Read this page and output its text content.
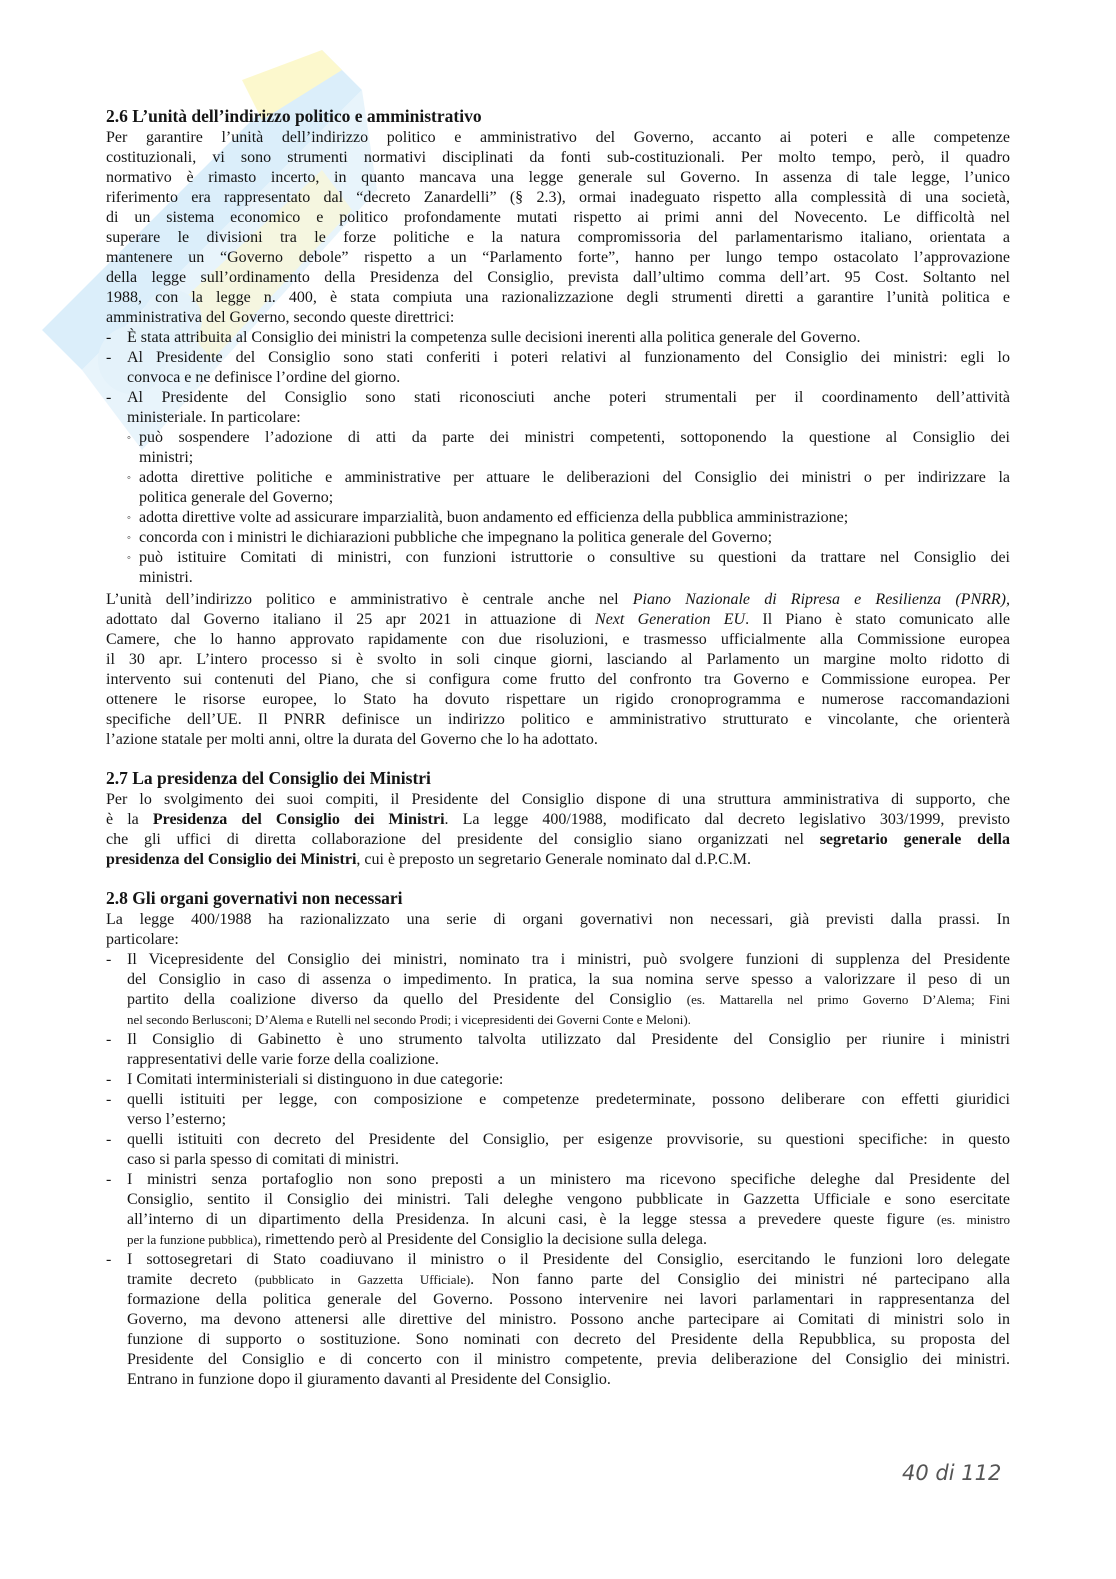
2.6 L’unità dell’indirizzo politico e amministrativo
Per garantire l’unità dell’indirizzo politico e amministrativo del Governo, accanto ai poteri e alle competenze
costituzionali, vi sono strumenti normativi disciplinati da fonti sub-costituzionali. Per molto tempo, però, il quadro
normativo è rimasto incerto, in quanto mancava una legge generale sul Governo. In assenza di tale legge, l’unico
riferimento era rappresentato dal “decreto Zanardelli” (§ 2.3), ormai inadeguato rispetto alla complessità di una società,
di un sistema economico e politico profondamente mutati rispetto ai primi anni del Novecento. Le difficoltà nel
superare le divisioni tra le forze politiche e la natura compromissoria del parlamentarismo italiano, orientata a
mantenere un “Governo debole” rispetto a un “Parlamento forte”, hanno per lungo tempo ostacolato l’approvazione
della legge sull’ordinamento della Presidenza del Consiglio, prevista dall’ultimo comma dell’art. 95 Cost. Soltanto nel
1988, con la legge n. 400, è stata compiuta una razionalizzazione degli strumenti diretti a garantire l’unità politica e
amministrativa del Governo, secondo queste direttrici:
- È stata attribuita al Consiglio dei ministri la competenza sulle decisioni inerenti alla politica generale del Governo.
- Al Presidente del Consiglio sono stati conferiti i poteri relativi al funzionamento del Consiglio dei ministri: egli lo
convoca e ne definisce l’ordine del giorno.
- Al Presidente del Consiglio sono stati riconosciuti anche poteri strumentali per il coordinamento dell’attività
ministeriale. In particolare:
◦ può sospendere l’adozione di atti da parte dei ministri competenti, sottoponendo la questione al Consiglio dei
ministri;
◦ adotta direttive politiche e amministrative per attuare le deliberazioni del Consiglio dei ministri o per indirizzare la
politica generale del Governo;
◦ adotta direttive volte ad assicurare imparzialità, buon andamento ed efficienza della pubblica amministrazione;
◦ concorda con i ministri le dichiarazioni pubbliche che impegnano la politica generale del Governo;
◦ può istituire Comitati di ministri, con funzioni istruttorie o consultive su questioni da trattare nel Consiglio dei
ministri.
L’unità dell’indirizzo politico e amministrativo è centrale anche nel Piano Nazionale di Ripresa e Resilienza (PNRR),
adottato dal Governo italiano il 25 apr 2021 in attuazione di Next Generation EU. Il Piano è stato comunicato alle
Camere, che lo hanno approvato rapidamente con due risoluzioni, e trasmesso ufficialmente alla Commissione europea
il 30 apr. L’intero processo si è svolto in soli cinque giorni, lasciando al Parlamento un margine molto ridotto di
intervento sui contenuti del Piano, che si configura come frutto del confronto tra Governo e Commissione europea. Per
ottenere le risorse europee, lo Stato ha dovuto rispettare un rigido cronoprogramma e numerose raccomandazioni
specifiche dell’UE. Il PNRR definisce un indirizzo politico e amministrativo strutturato e vincolante, che orienterà
l’azione statale per molti anni, oltre la durata del Governo che lo ha adottato.
2.7 La presidenza del Consiglio dei Ministri
Per lo svolgimento dei suoi compiti, il Presidente del Consiglio dispone di una struttura amministrativa di supporto, che
è la Presidenza del Consiglio dei Ministri. La legge 400/1988, modificato dal decreto legislativo 303/1999, previsto
che gli uffici di diretta collaborazione del presidente del consiglio siano organizzati nel segretario generale della
presidenza del Consiglio dei Ministri, cui è preposto un segretario Generale nominato dal d.P.C.M.
2.8 Gli organi governativi non necessari
La legge 400/1988 ha razionalizzato una serie di organi governativi non necessari, già previsti dalla prassi. In
particolare:
- Il Vicepresidente del Consiglio dei ministri, nominato tra i ministri, può svolgere funzioni di supplenza del Presidente
del Consiglio in caso di assenza o impedimento. In pratica, la sua nomina serve spesso a valorizzare il peso di un
partito della coalizione diverso da quello del Presidente del Consiglio (es. Mattarella nel primo Governo D’Alema; Fini
nel secondo Berlusconi; D’Alema e Rutelli nel secondo Prodi; i vicepresidenti dei Governi Conte e Meloni).
- Il Consiglio di Gabinetto è uno strumento talvolta utilizzato dal Presidente del Consiglio per riunire i ministri
rappresentativi delle varie forze della coalizione.
- I Comitati interministeriali si distinguono in due categorie:
- quelli istituiti per legge, con composizione e competenze predeterminate, possono deliberare con effetti giuridici
verso l’esterno;
- quelli istituiti con decreto del Presidente del Consiglio, per esigenze provvisorie, su questioni specifiche: in questo
caso si parla spesso di comitati di ministri.
- I ministri senza portafoglio non sono preposti a un ministero ma ricevono specifiche deleghe dal Presidente del
Consiglio, sentito il Consiglio dei ministri. Tali deleghe vengono pubblicate in Gazzetta Ufficiale e sono esercitate
all’interno di un dipartimento della Presidenza. In alcuni casi, è la legge stessa a prevedere queste figure (es. ministro
per la funzione pubblica), rimettendo però al Presidente del Consiglio la decisione sulla delega.
- I sottosegretari di Stato coadiuvano il ministro o il Presidente del Consiglio, esercitando le funzioni loro delegate
tramite decreto (pubblicato in Gazzetta Ufficiale). Non fanno parte del Consiglio dei ministri né partecipano alla
formazione della politica generale del Governo. Possono intervenire nei lavori parlamentari in rappresentanza del
Governo, ma devono attenersi alle direttive del ministro. Possono anche partecipare ai Comitati di ministri solo in
funzione di supporto o sostituzione. Sono nominati con decreto del Presidente della Repubblica, su proposta del
Presidente del Consiglio e di concerto con il ministro competente, previa deliberazione del Consiglio dei ministri.
Entrano in funzione dopo il giuramento davanti al Presidente del Consiglio.
40 di 112
